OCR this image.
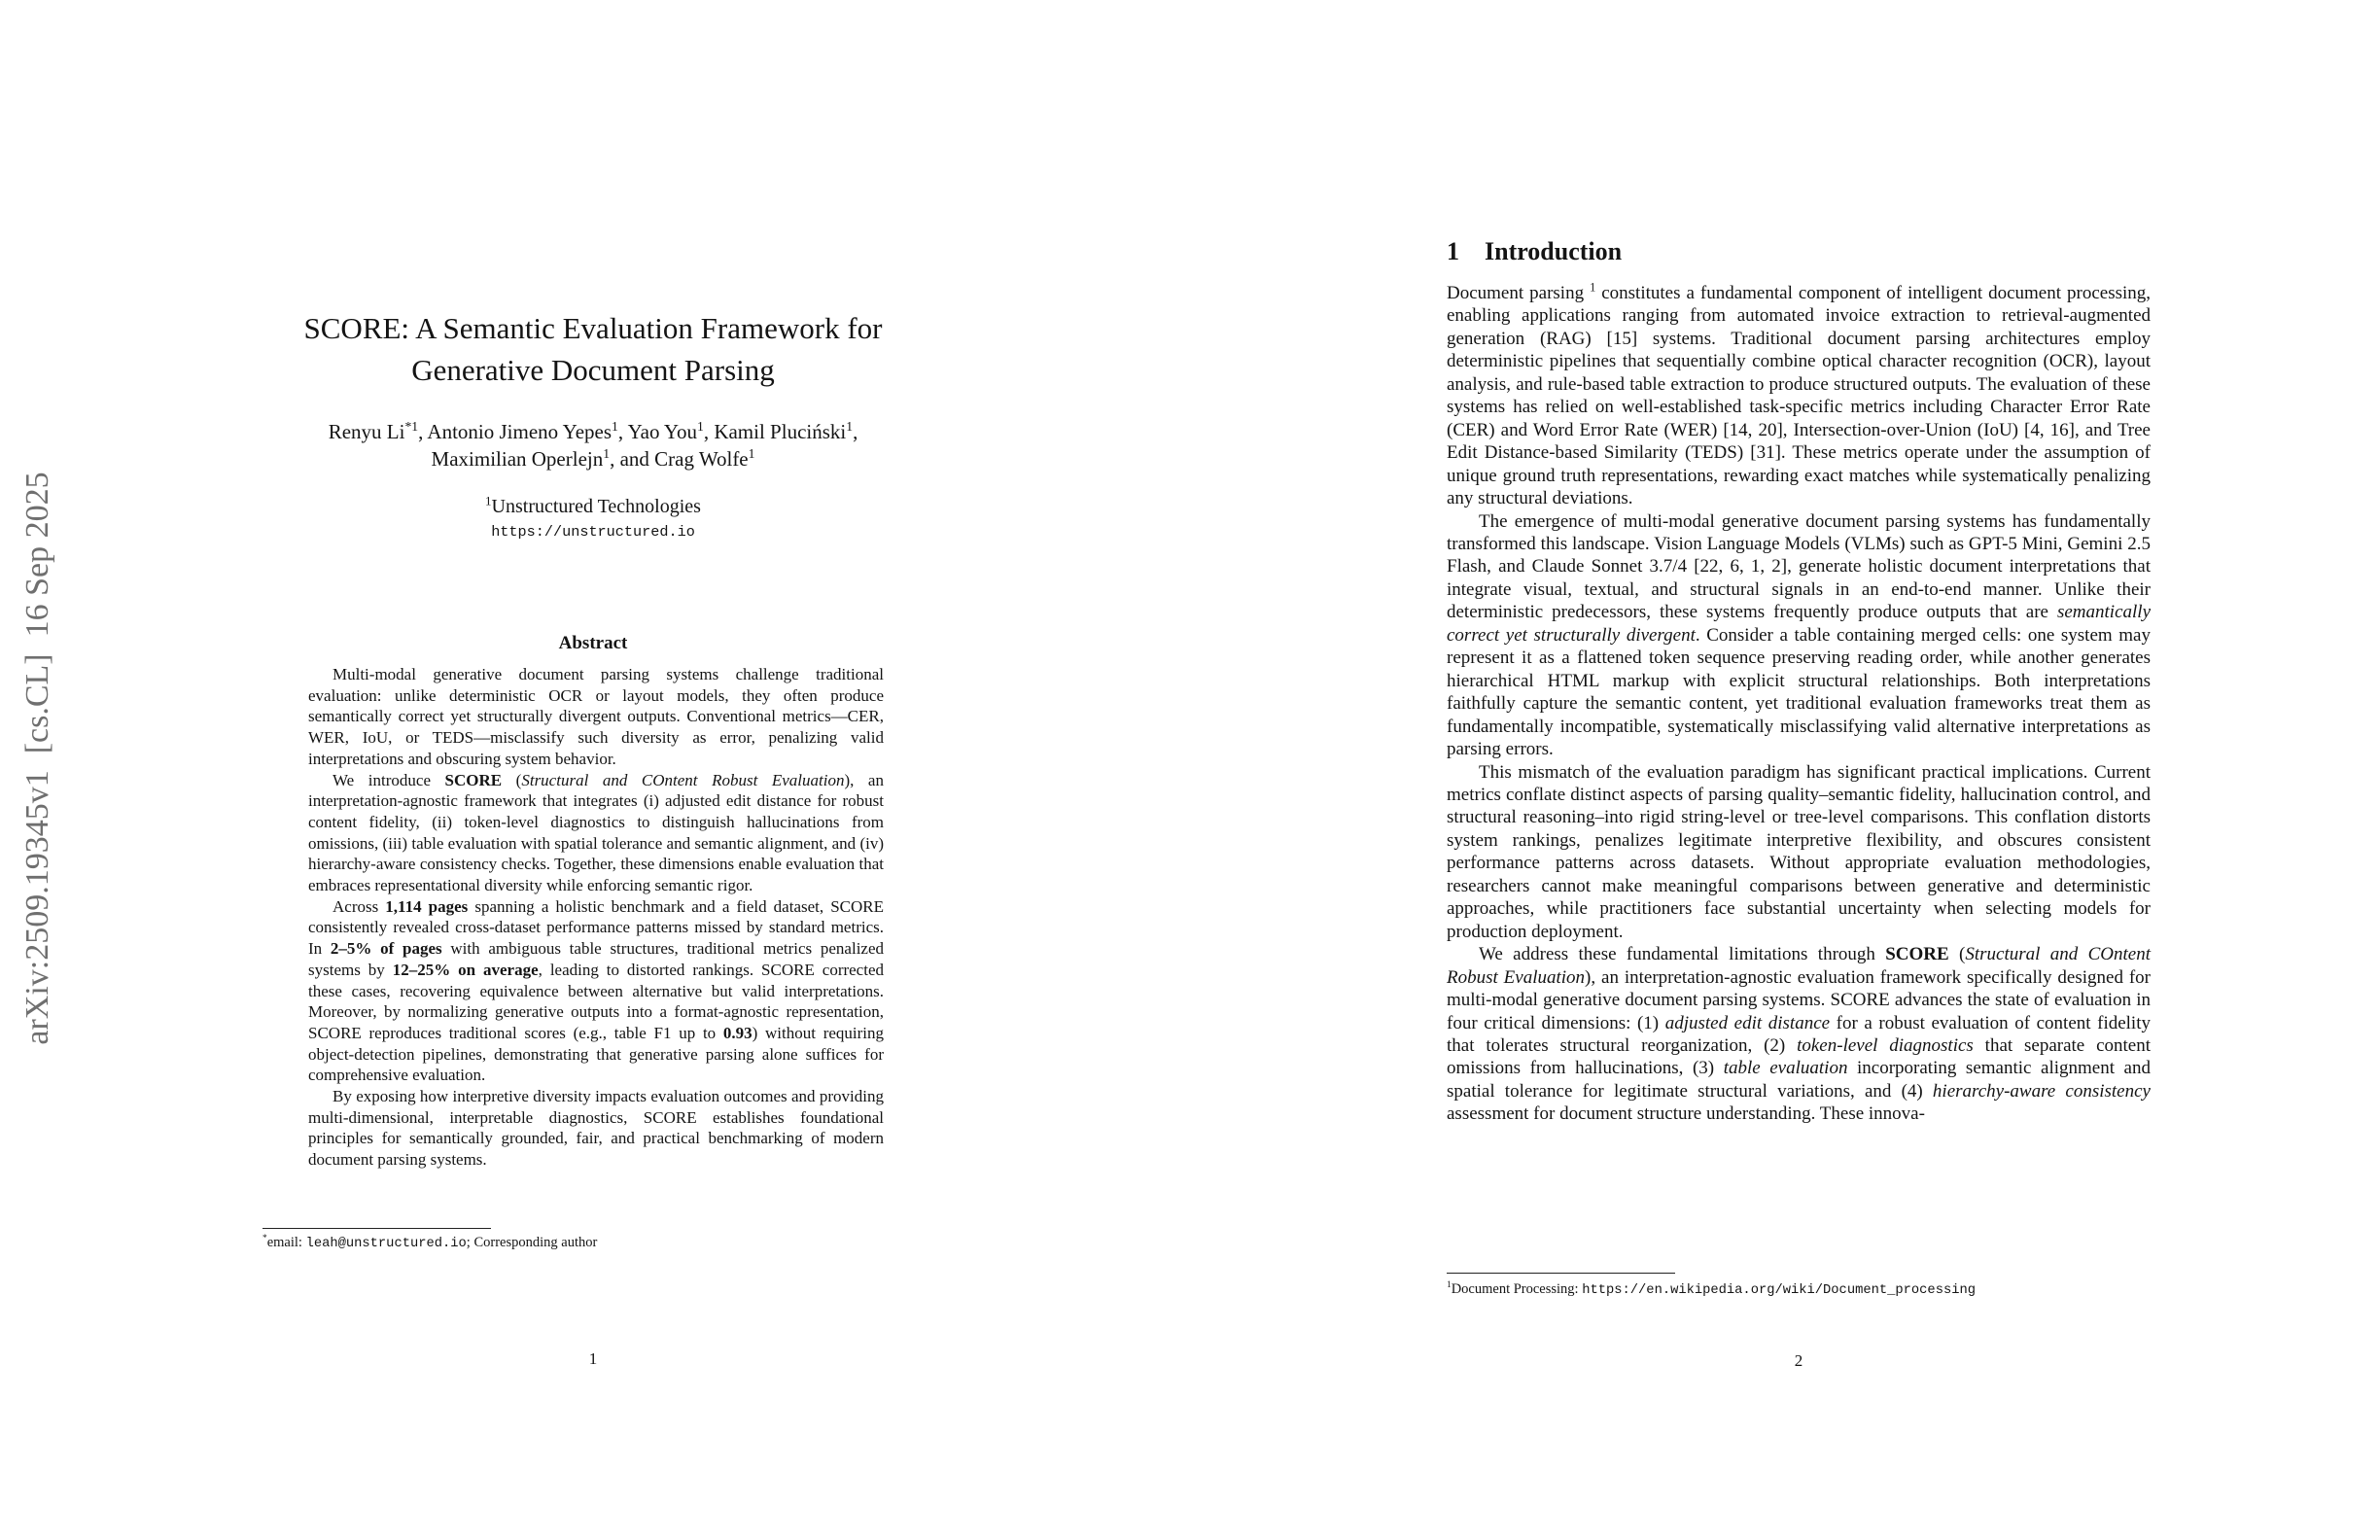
arXiv:2509.19345v1  [cs.CL]  16 Sep 2025
SCORE: A Semantic Evaluation Framework for
Generative Document Parsing
Renyu Li$^{*1}$, Antonio Jimeno Yepes$^1$, Yao You$^1$, Kamil Pluciński$^1$,
Maximilian Operlejn$^1$, and Crag Wolfe$^1$
$^1$Unstructured Technologies
https://unstructured.io
Abstract

Multi-modal generative document parsing systems challenge traditional evaluation: unlike deterministic OCR or layout models, they often produce semantically correct yet structurally divergent outputs. Conventional metrics—CER, WER, IoU, or TEDS—misclassify such diversity as error, penalizing valid interpretations and obscuring system behavior.

We introduce SCORE (Structural and COntent Robust Evaluation), an interpretation-agnostic framework that integrates (i) adjusted edit distance for robust content fidelity, (ii) token-level diagnostics to distinguish hallucinations from omissions, (iii) table evaluation with spatial tolerance and semantic alignment, and (iv) hierarchy-aware consistency checks. Together, these dimensions enable evaluation that embraces representational diversity while enforcing semantic rigor.

Across 1,114 pages spanning a holistic benchmark and a field dataset, SCORE consistently revealed cross-dataset performance patterns missed by standard metrics. In 2–5% of pages with ambiguous table structures, traditional metrics penalized systems by 12–25% on average, leading to distorted rankings. SCORE corrected these cases, recovering equivalence between alternative but valid interpretations. Moreover, by normalizing generative outputs into a format-agnostic representation, SCORE reproduces traditional scores (e.g., table F1 up to 0.93) without requiring object-detection pipelines, demonstrating that generative parsing alone suffices for comprehensive evaluation.

By exposing how interpretive diversity impacts evaluation outcomes and providing multi-dimensional, interpretable diagnostics, SCORE establishes foundational principles for semantically grounded, fair, and practical benchmarking of modern document parsing systems.

*email: leah@unstructured.io; Corresponding author
1
1 Introduction

Document parsing $^1$ constitutes a fundamental component of intelligent document processing, enabling applications ranging from automated invoice extraction to retrieval-augmented generation (RAG) [15] systems. Traditional document parsing architectures employ deterministic pipelines that sequentially combine optical character recognition (OCR), layout analysis, and rule-based table extraction to produce structured outputs. The evaluation of these systems has relied on well-established task-specific metrics including Character Error Rate (CER) and Word Error Rate (WER) [14, 20], Intersection-over-Union (IoU) [4, 16], and Tree Edit Distance-based Similarity (TEDS) [31]. These metrics operate under the assumption of unique ground truth representations, rewarding exact matches while systematically penalizing any structural deviations.

The emergence of multi-modal generative document parsing systems has fundamentally transformed this landscape. Vision Language Models (VLMs) such as GPT-5 Mini, Gemini 2.5 Flash, and Claude Sonnet 3.7/4 [22, 6, 1, 2], generate holistic document interpretations that integrate visual, textual, and structural signals in an end-to-end manner. Unlike their deterministic predecessors, these systems frequently produce outputs that are semantically correct yet structurally divergent. Consider a table containing merged cells: one system may represent it as a flattened token sequence preserving reading order, while another generates hierarchical HTML markup with explicit structural relationships. Both interpretations faithfully capture the semantic content, yet traditional evaluation frameworks treat them as fundamentally incompatible, systematically misclassifying valid alternative interpretations as parsing errors.

This mismatch of the evaluation paradigm has significant practical implications. Current metrics conflate distinct aspects of parsing quality–semantic fidelity, hallucination control, and structural reasoning–into rigid string-level or tree-level comparisons. This conflation distorts system rankings, penalizes legitimate interpretive flexibility, and obscures consistent performance patterns across datasets. Without appropriate evaluation methodologies, researchers cannot make meaningful comparisons between generative and deterministic approaches, while practitioners face substantial uncertainty when selecting models for production deployment.

We address these fundamental limitations through SCORE (Structural and COntent Robust Evaluation), an interpretation-agnostic evaluation framework specifically designed for multi-modal generative document parsing systems. SCORE advances the state of evaluation in four critical dimensions: (1) adjusted edit distance for a robust evaluation of content fidelity that tolerates structural reorganization, (2) token-level diagnostics that separate content omissions from hallucinations, (3) table evaluation incorporating semantic alignment and spatial tolerance for legitimate structural variations, and (4) hierarchy-aware consistency assessment for document structure understanding. These innova-

$^1$Document Processing: https://en.wikipedia.org/wiki/Document_processing
2
